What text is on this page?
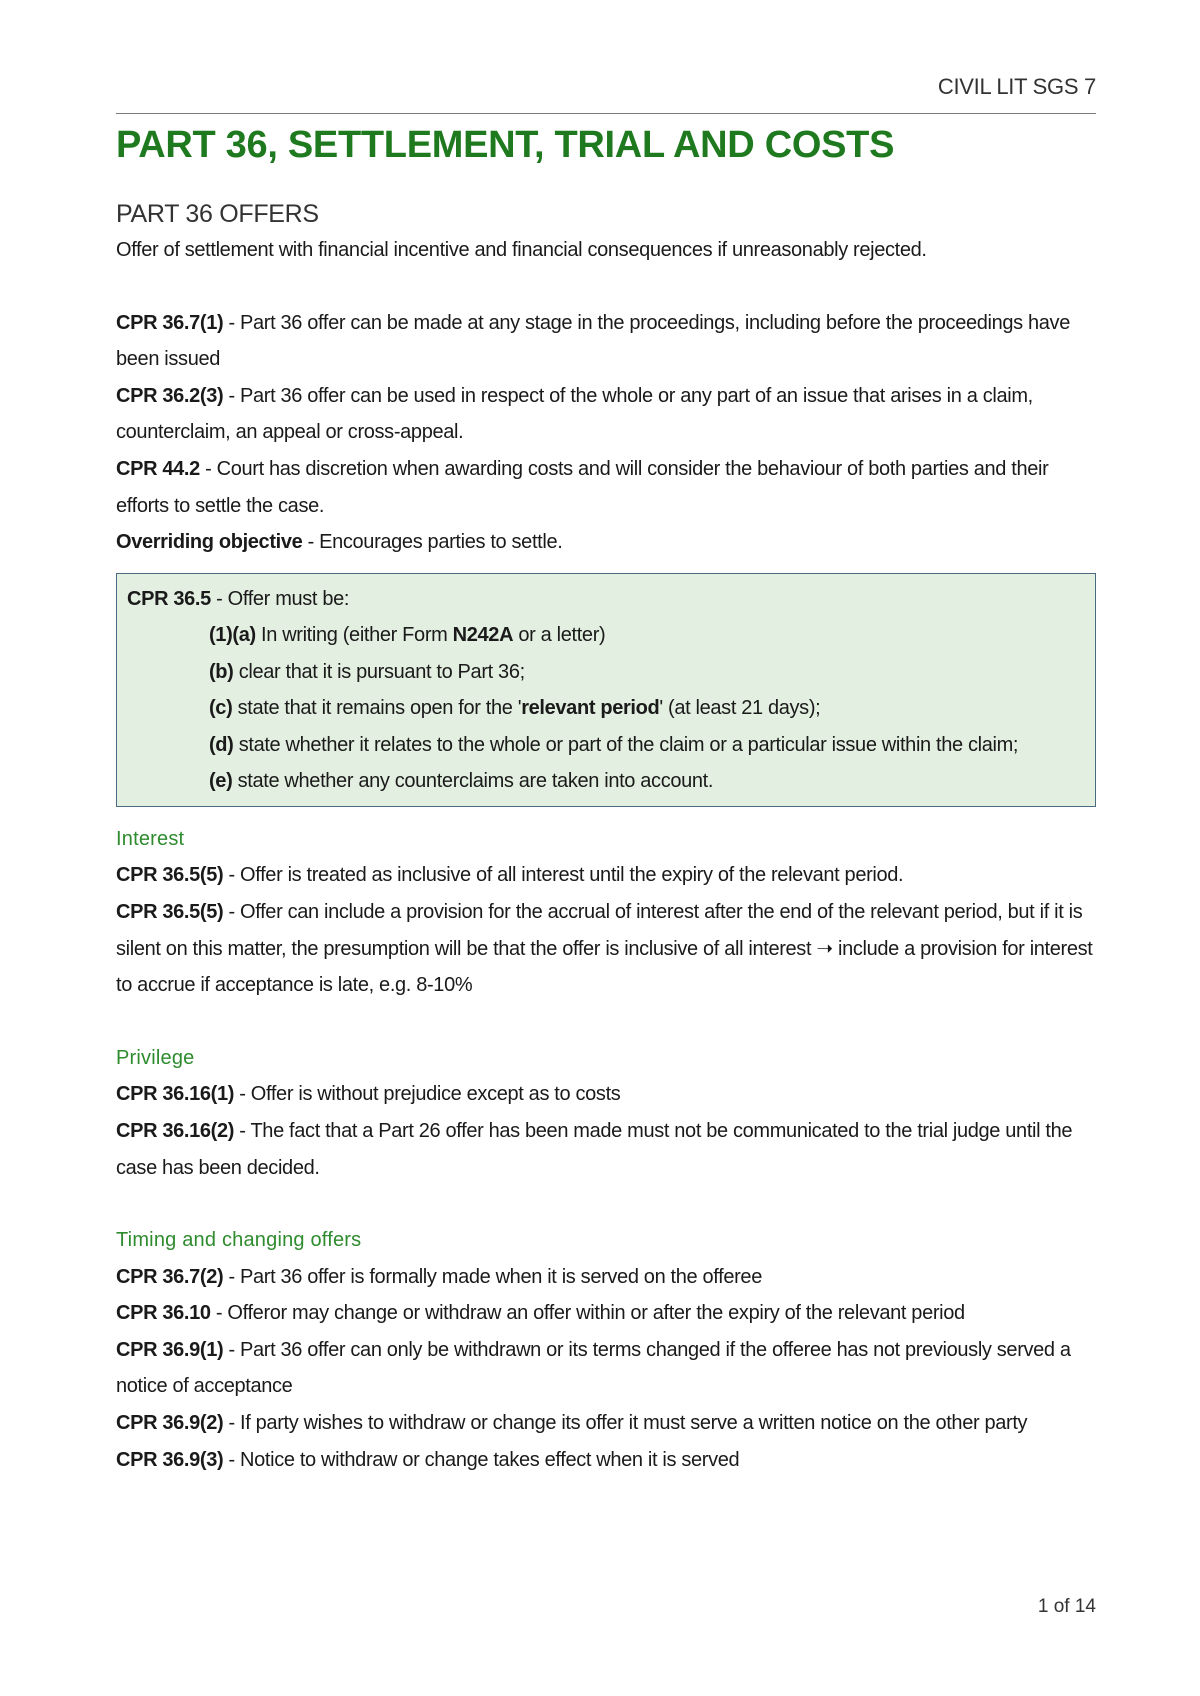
CIVIL LIT SGS 7
PART 36, SETTLEMENT, TRIAL AND COSTS

PART 36 OFFERS

Offer of settlement with financial incentive and financial consequences if unreasonably rejected.

CPR 36.7(1) - Part 36 offer can be made at any stage in the proceedings, including before the proceedings have been issued

CPR 36.2(3) - Part 36 offer can be used in respect of the whole or any part of an issue that arises in a claim, counterclaim, an appeal or cross-appeal.

CPR 44.2 - Court has discretion when awarding costs and will consider the behaviour of both parties and their efforts to settle the case.

Overriding objective - Encourages parties to settle.

CPR 36.5 - Offer must be:

(1)(a) In writing (either Form N242A or a letter)

(b) clear that it is pursuant to Part 36;

(c) state that it remains open for the 'relevant period' (at least 21 days);

(d) state whether it relates to the whole or part of the claim or a particular issue within the claim;

(e) state whether any counterclaims are taken into account.

Interest

CPR 36.5(5) - Offer is treated as inclusive of all interest until the expiry of the relevant period.

CPR 36.5(5) - Offer can include a provision for the accrual of interest after the end of the relevant period, but if it is silent on this matter, the presumption will be that the offer is inclusive of all interest ➝ include a provision for interest to accrue if acceptance is late, e.g. 8-10%

Privilege

CPR 36.16(1) - Offer is without prejudice except as to costs

CPR 36.16(2) - The fact that a Part 26 offer has been made must not be communicated to the trial judge until the case has been decided.

Timing and changing offers

CPR 36.7(2) - Part 36 offer is formally made when it is served on the offeree

CPR 36.10 - Offeror may change or withdraw an offer within or after the expiry of the relevant period

CPR 36.9(1) - Part 36 offer can only be withdrawn or its terms changed if the offeree has not previously served a notice of acceptance

CPR 36.9(2) - If party wishes to withdraw or change its offer it must serve a written notice on the other party

CPR 36.9(3) - Notice to withdraw or change takes effect when it is served

1 of 14
